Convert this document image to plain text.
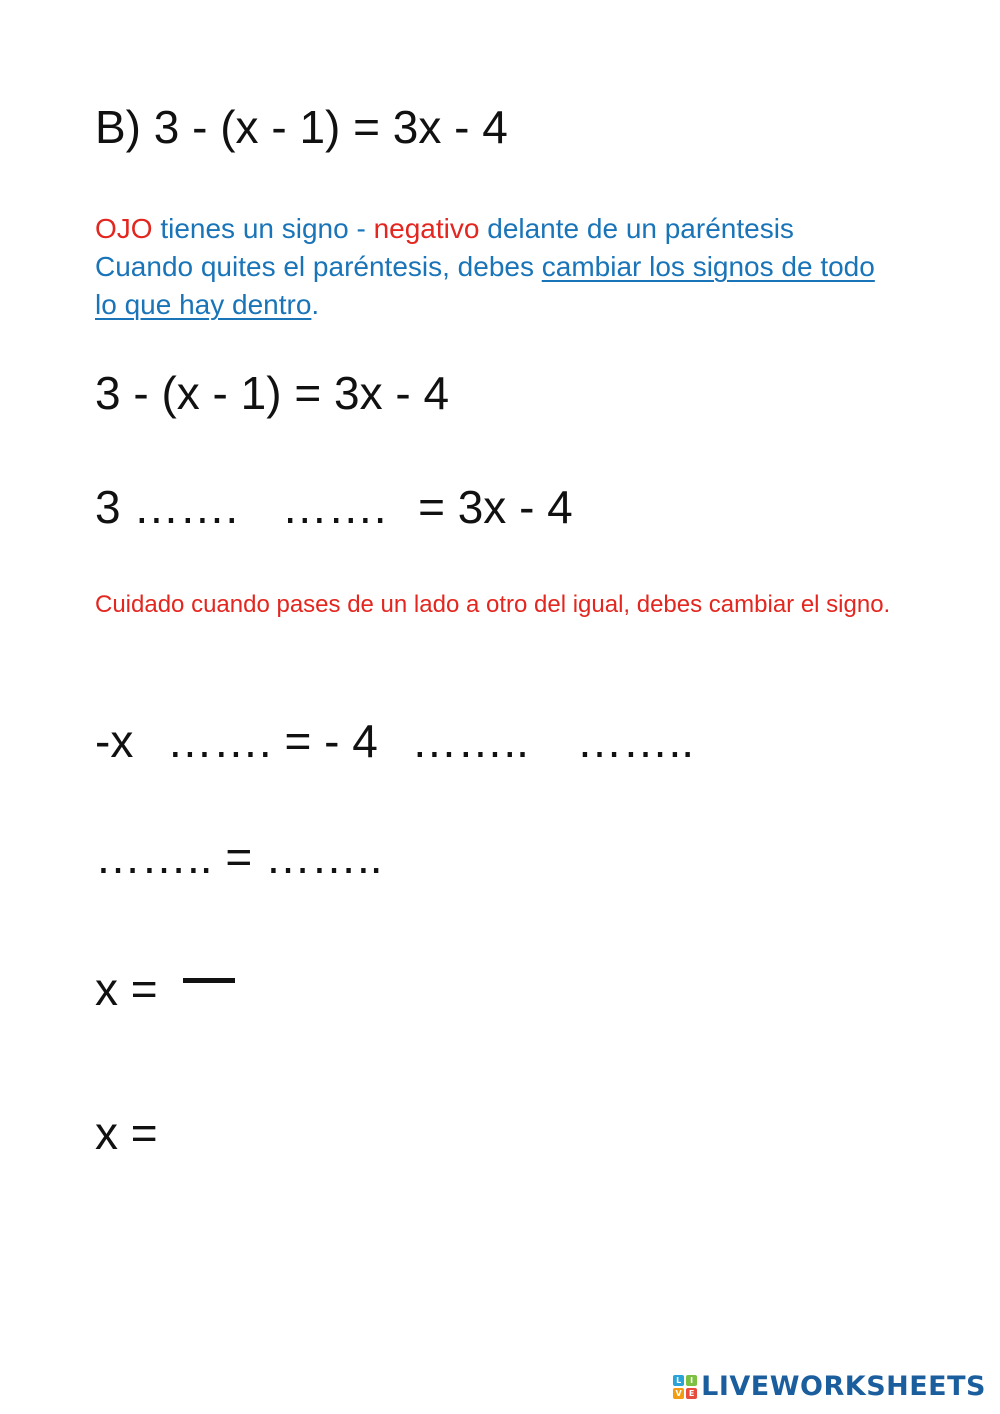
B) 3 - (x - 1) = 3x - 4
OJO tienes un signo - negativo delante de un paréntesis
Cuando quites el paréntesis, debes cambiar los signos de todo lo que hay dentro.
3 - (x - 1) = 3x - 4
3 ……. ……. = 3x - 4
Cuidado cuando pases de un lado a otro del igual, debes cambiar el signo.
-x ……. = - 4 …….. ……..
…….. = ……..
x =
x =
L	I
V E LIVEWORKSHEETS
